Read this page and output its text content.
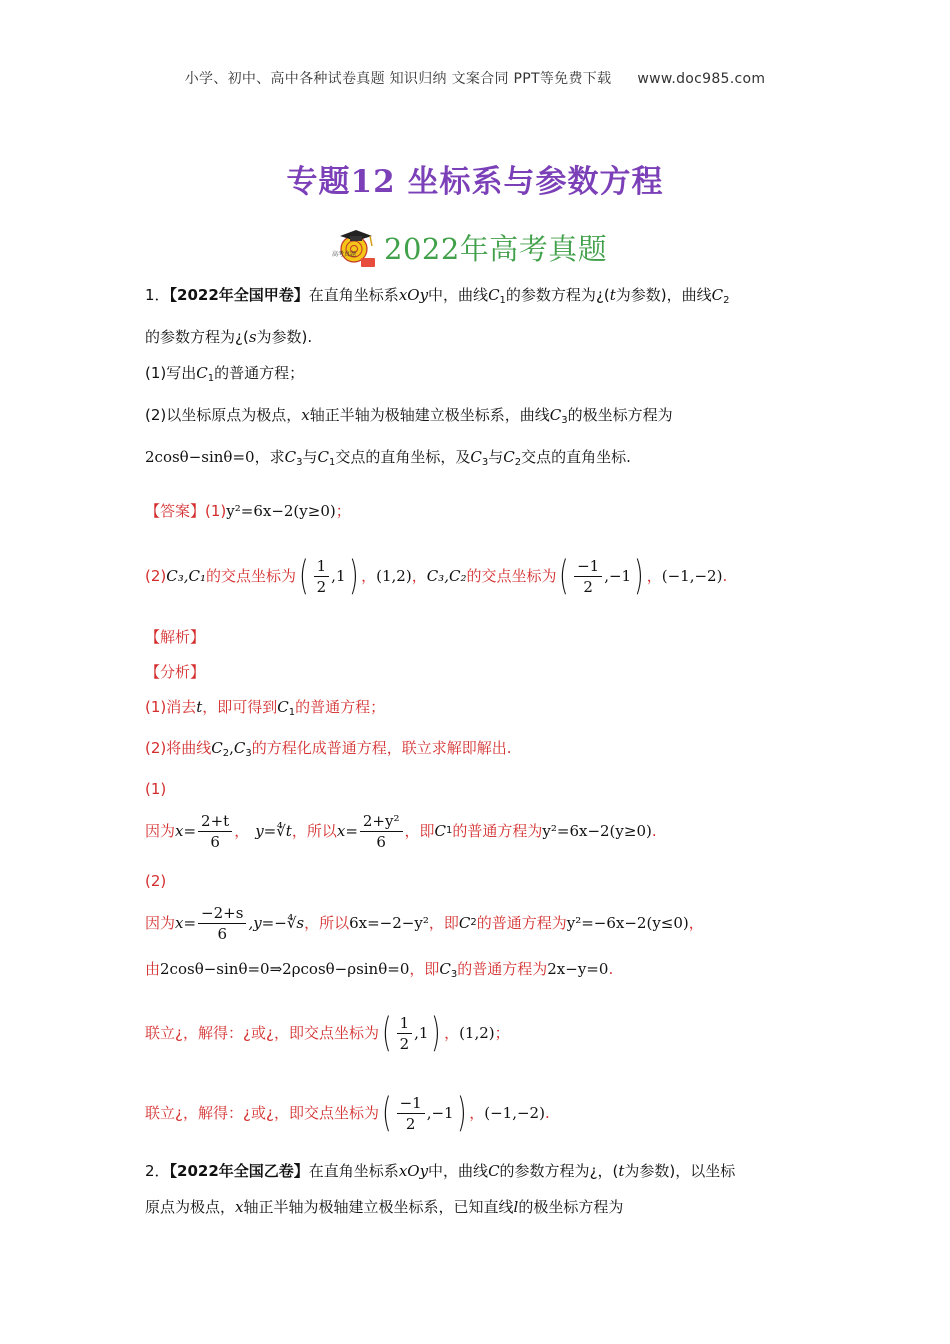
小学、初中、高中各种试卷真题 知识归纳 文案合同 PPT等免费下载 www.doc985.com
专题12 坐标系与参数方程
高考真题 2022年高考真题

1．【2022年全国甲卷】在直角坐标系xOy中，曲线$C_1$的参数方程为¿(t为参数)，曲线$C_2$

的参数方程为¿(s为参数).

(1)写出$C_1$的普通方程；

(2)以坐标原点为极点，x轴正半轴为极轴建立极坐标系，曲线$C_3$的极坐标方程为

2cosθ−sinθ=0，求$C_3$与$C_1$交点的直角坐标，及$C_3$与$C_2$交点的直角坐标.

【答案】(1)y²=6x−2(y≥0)；

(2) C₃,C₁ 的交点坐标为 ( $\frac{1}{2}$ , 1 ) ， (1,2) ， C₃,C₂ 的交点坐标为 ( $\frac{-1}{2}$ , −1 ) ， (−1,−2) .

【解析】

【分析】

(1)消去t，即可得到$C_1$的普通方程；

(2)将曲线$C_2,C_3$的方程化成普通方程，联立求解即解出.

(1)

因为 $x= \frac{2+t}{6}$ ， y=∜t ，所以 $x= \frac{\text{2+y²}}{6}$ ，即 C 1 的普通方程为 y²=6x−2(y≥0) .

(2)

因为 $x= \frac{-2+s}{6}$ ,y=−∜s ，所以 6x=−2−y² ，即 C 2 的普通方程为 y²=−6x−2(y≤0) ，

由2cosθ−sinθ=0⇒2ρcosθ−ρsinθ=0，即$C_3$的普通方程为2x−y=0.

联立 ¿ ，解得： ¿ 或 ¿ ，即交点坐标为 ( $\frac{1}{2}$ , 1 ) ， (1,2) ；

联立 ¿ ，解得： ¿ 或 ¿ ，即交点坐标为 ( $\frac{-1}{2}$ , −1 ) ， (−1,−2) .

2．【2022年全国乙卷】在直角坐标系xOy中，曲线C的参数方程为¿，(t为参数)，以坐标

原点为极点，x轴正半轴为极轴建立极坐标系，已知直线l的极坐标方程为
